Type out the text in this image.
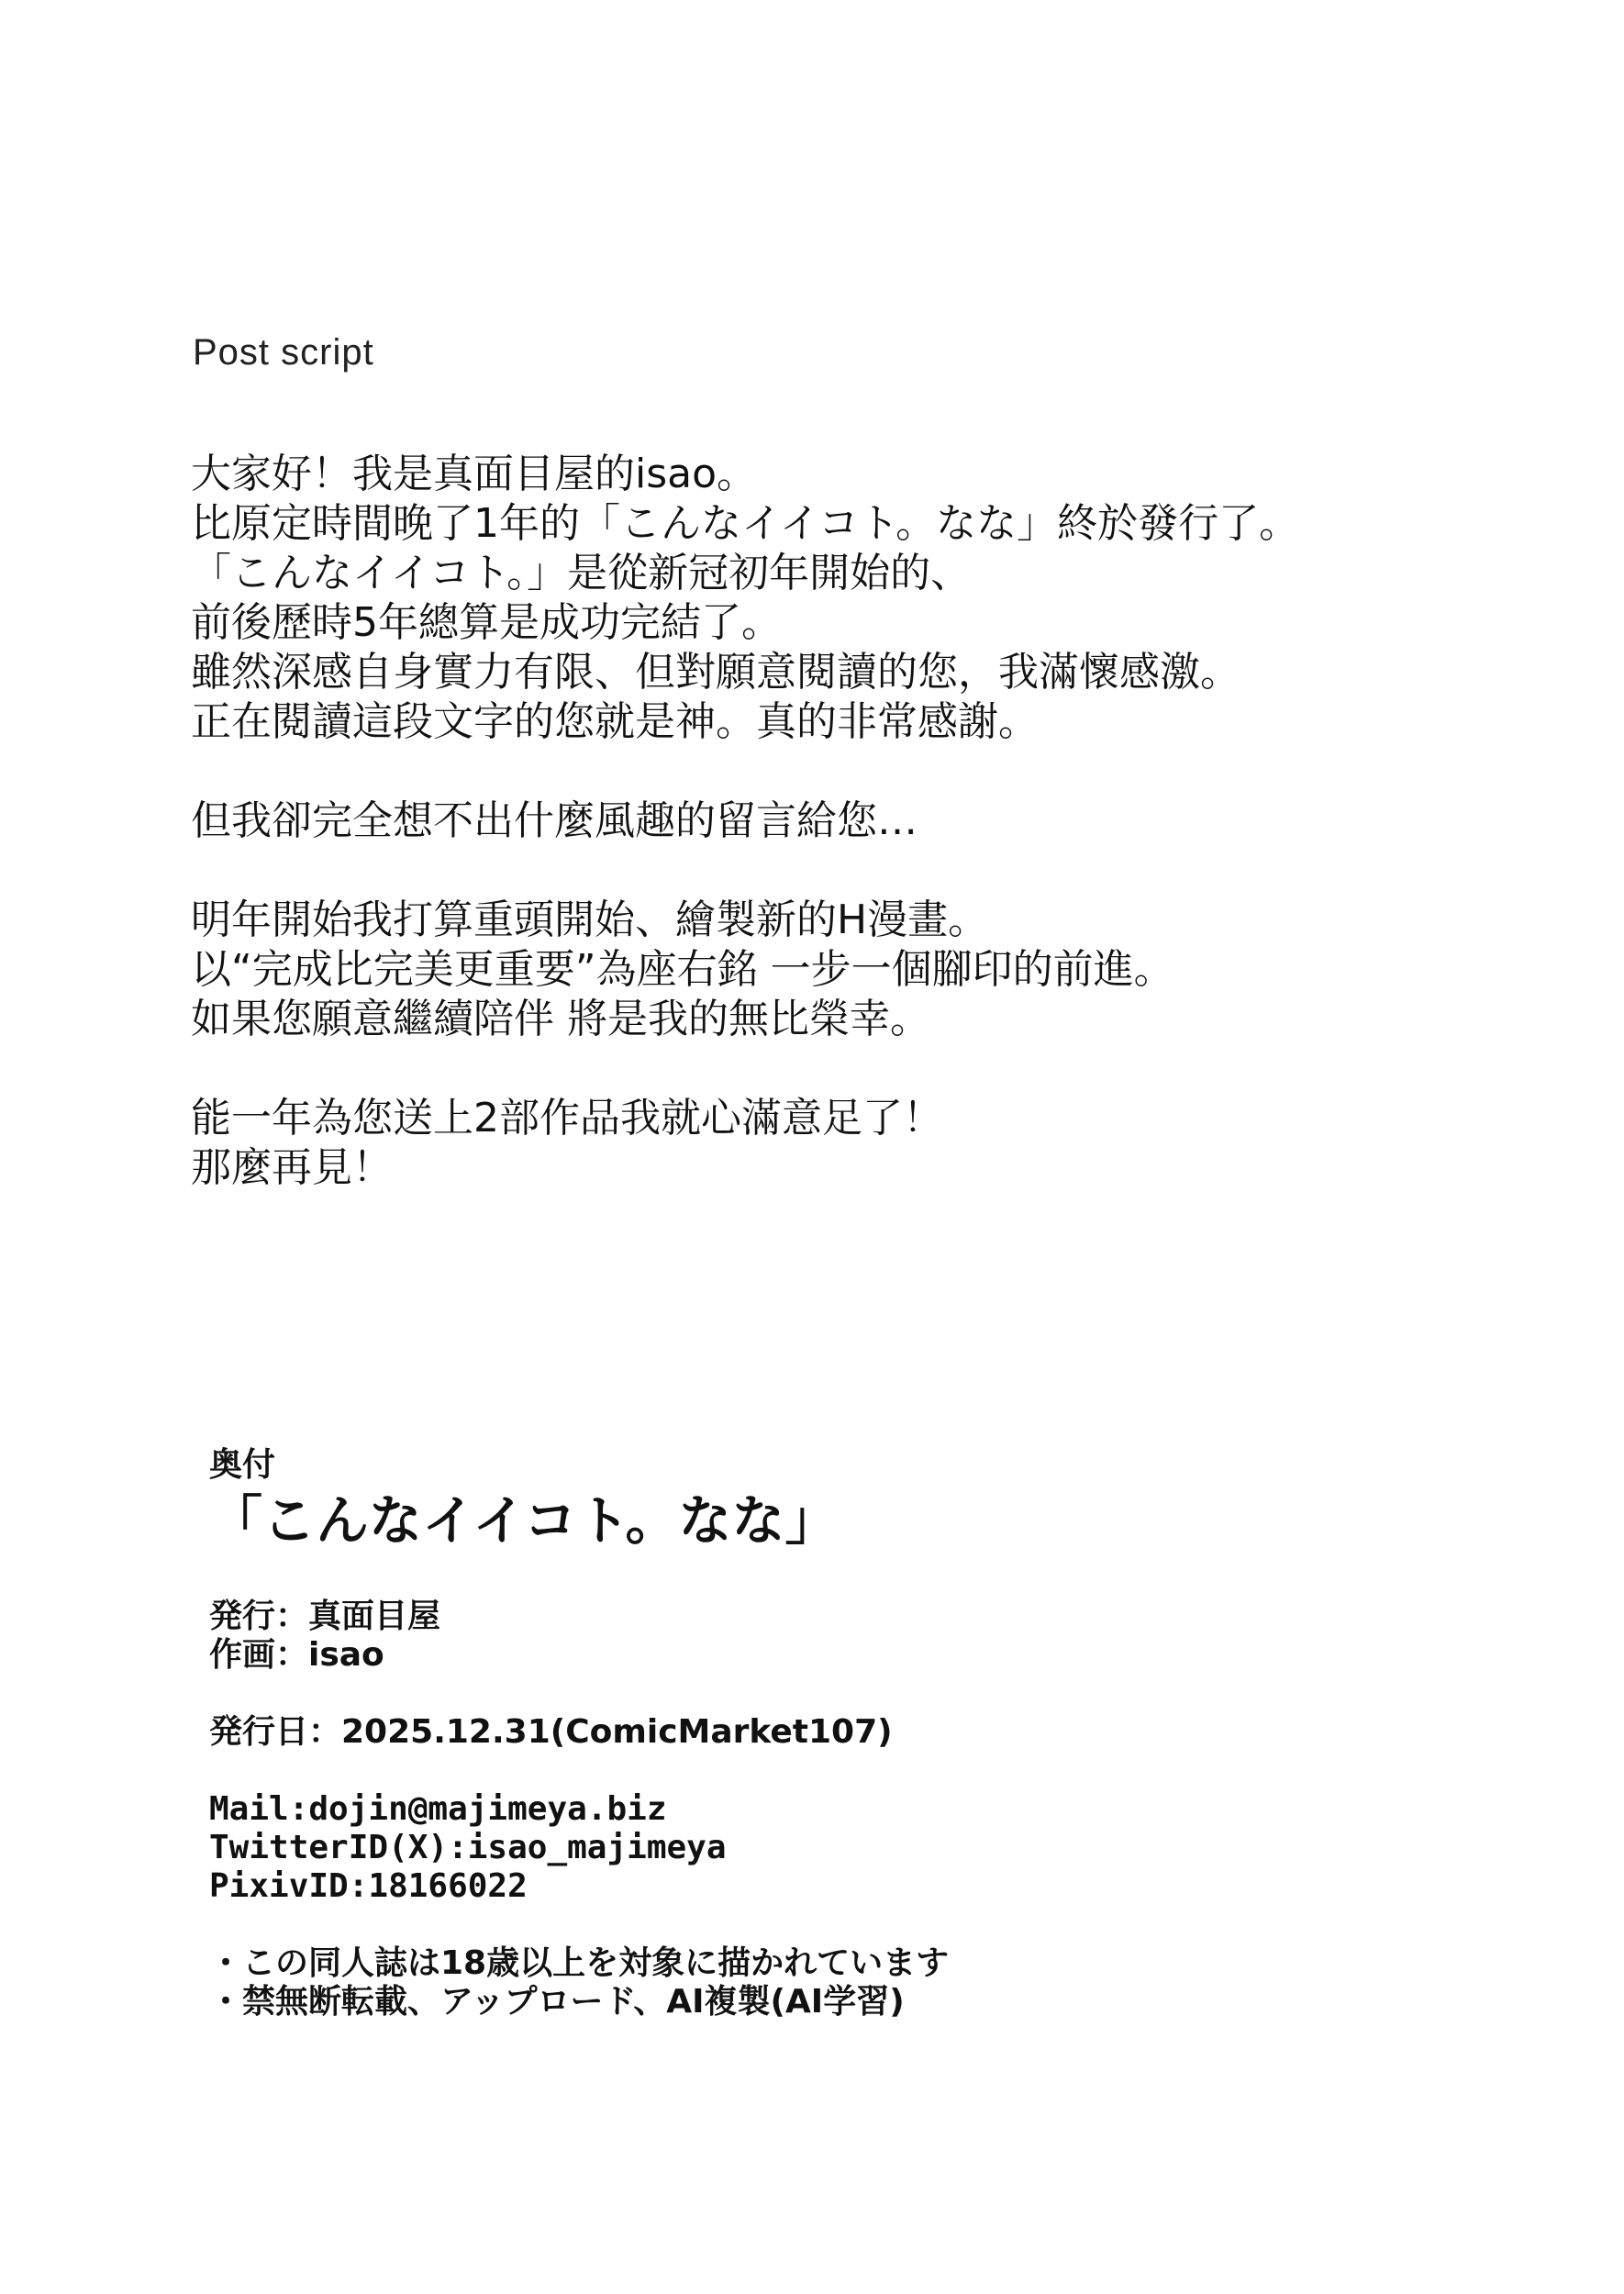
Post script
大家好！我是真面目屋的isao。
比原定時間晚了1年的「こんなイイコト。なな」終於發行了。
「こんなイイコト。」是從新冠初年開始的、
前後歷時5年總算是成功完結了。
雖然深感自身實力有限、但對願意閱讀的您，我滿懷感激。
正在閱讀這段文字的您就是神。真的非常感謝。
但我卻完全想不出什麼風趣的留言給您…
明年開始我打算重頭開始、繪製新的H漫畫。
以“完成比完美更重要”為座右銘 一步一個腳印的前進。
如果您願意繼續陪伴 將是我的無比榮幸。
能一年為您送上2部作品我就心滿意足了！
那麼再見！
奥付
「こんなイイコト。なな」
発行：真面目屋
作画：isao
発行日：2025.12.31(ComicMarket107)
Mail:dojin@majimeya.biz
TwitterID(X):isao_majimeya
PixivID:18166022
・この同人誌は18歳以上を対象に描かれています
・禁無断転載、アップロード、AI複製(AI学習)
